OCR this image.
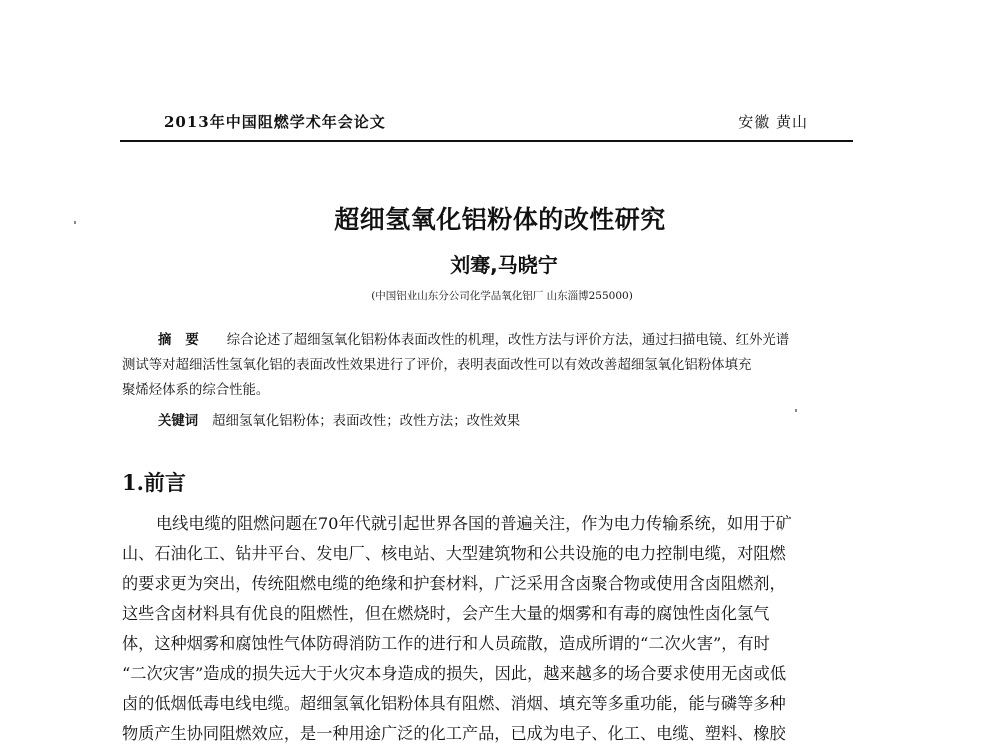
2013年中国阻燃学术年会论文	安徽 黄山
超细氢氧化铝粉体的改性研究
刘骞,马晓宁
(中国铝业山东分公司化学品氧化铝厂 山东淄博255000)
摘要 综合论述了超细氢氧化铝粉体表面改性的机理，改性方法与评价方法，通过扫描电镜、红外光谱
测试等对超细活性氢氧化铝的表面改性效果进行了评价，表明表面改性可以有效改善超细氢氧化铝粉体填充
聚烯烃体系的综合性能。
关键词 超细氢氧化铝粉体；表面改性；改性方法；改性效果
1.前言
电线电缆的阻燃问题在70年代就引起世界各国的普遍关注，作为电力传输系统，如用于矿
山、石油化工、钻井平台、发电厂、核电站、大型建筑物和公共设施的电力控制电缆，对阻燃
的要求更为突出，传统阻燃电缆的绝缘和护套材料，广泛采用含卤聚合物或使用含卤阻燃剂，
这些含卤材料具有优良的阻燃性，但在燃烧时，会产生大量的烟雾和有毒的腐蚀性卤化氢气
体，这种烟雾和腐蚀性气体防碍消防工作的进行和人员疏散，造成所谓的“二次火害”，有时
“二次灾害”造成的损失远大于火灾本身造成的损失，因此，越来越多的场合要求使用无卤或低
卤的低烟低毒电线电缆。超细氢氧化铝粉体具有阻燃、消烟、填充等多重功能，能与磷等多种
物质产生协同阻燃效应，是一种用途广泛的化工产品，已成为电子、化工、电缆、塑料、橡胶
